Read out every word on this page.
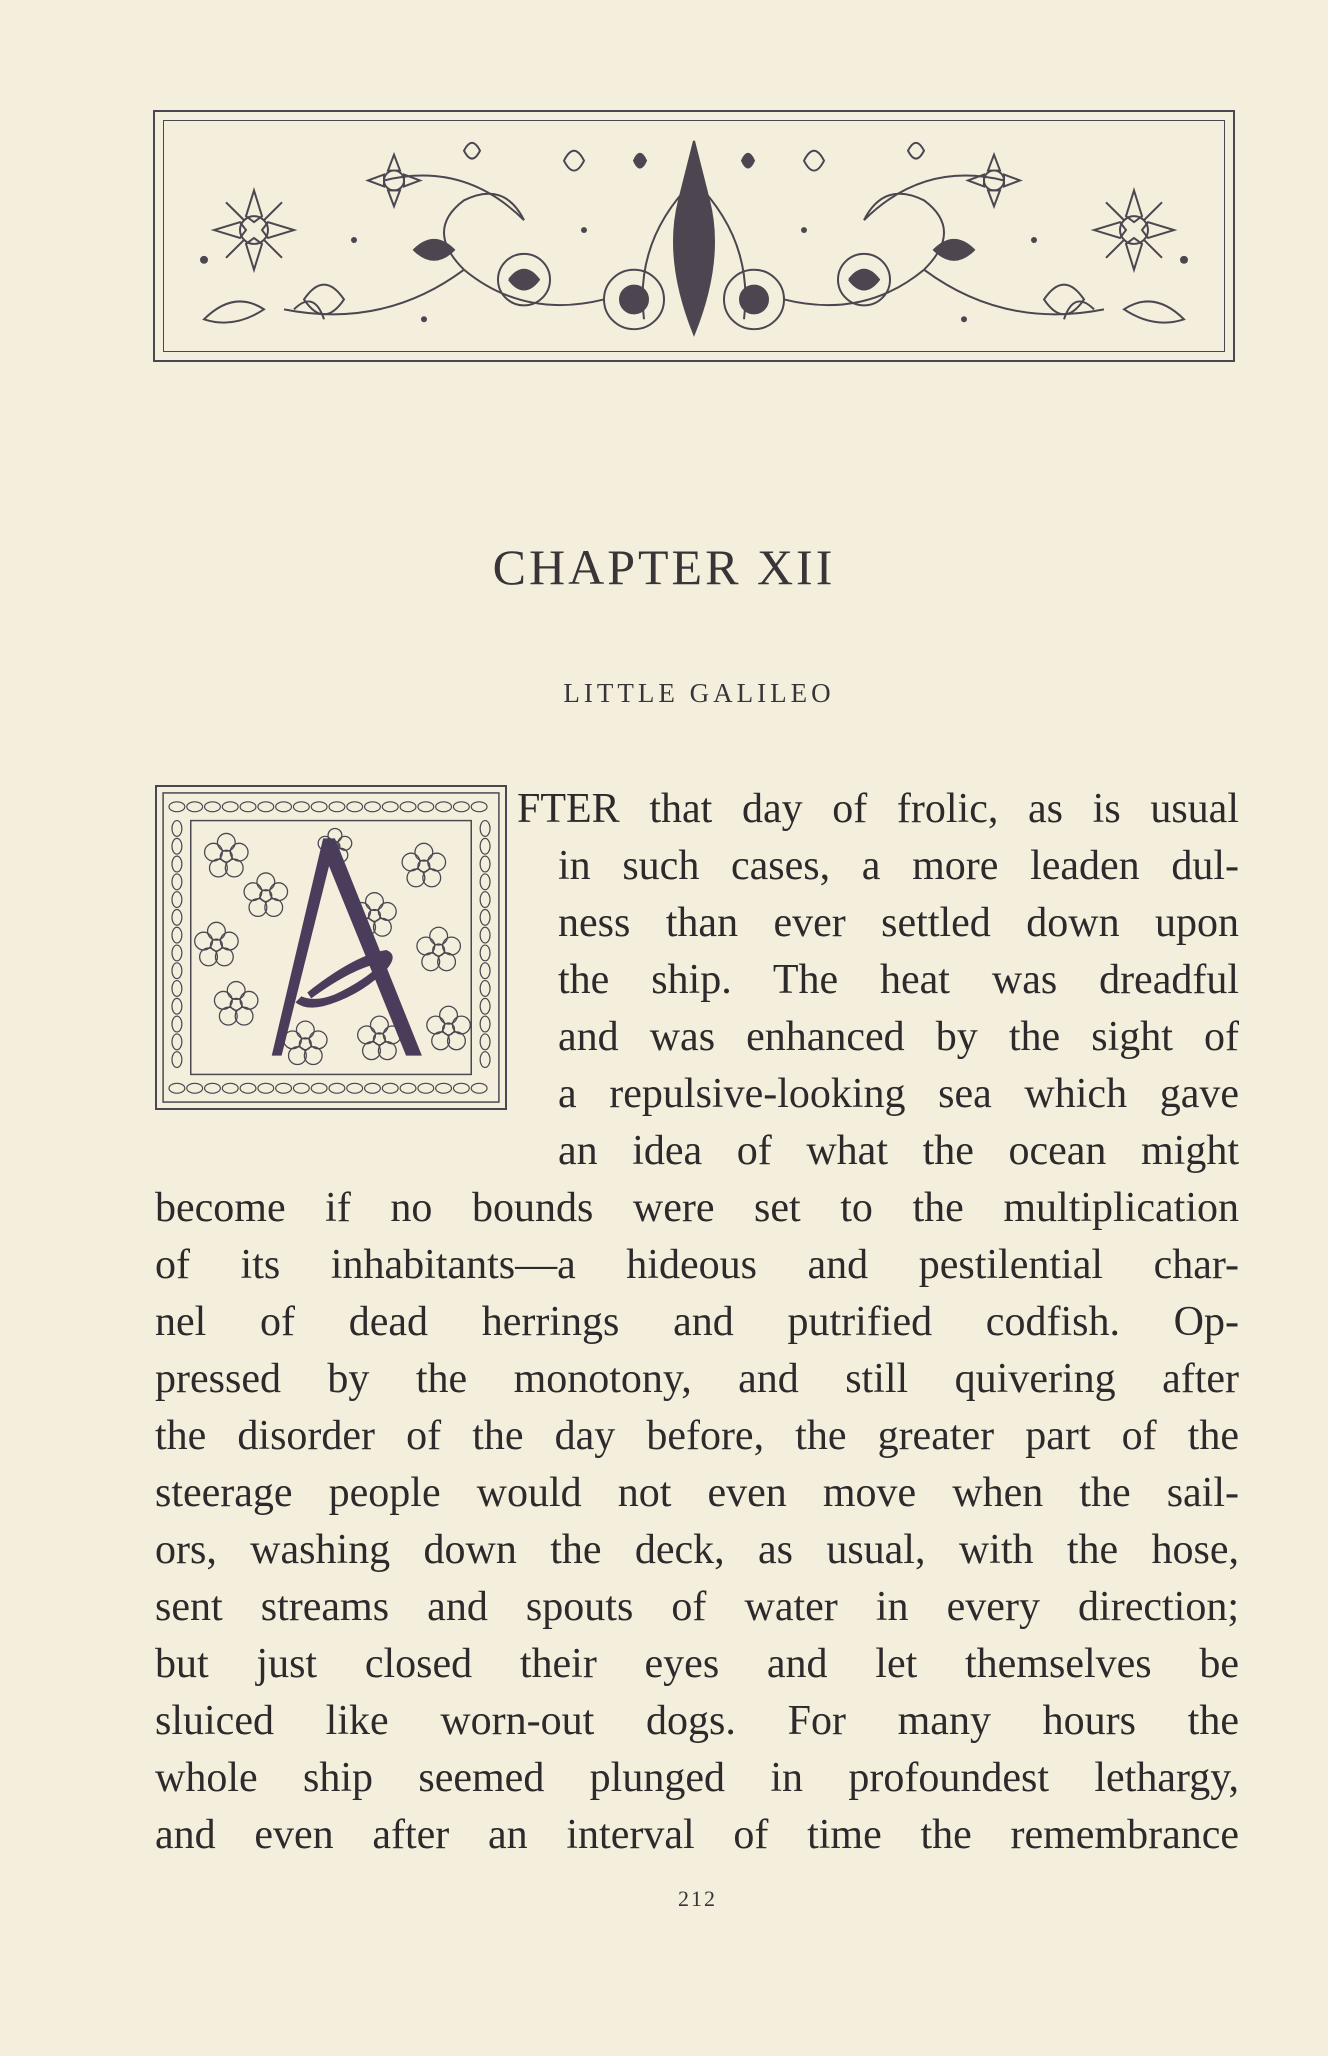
CHAPTER XII
LITTLE GALILEO
FTER that day of frolic, as is usual
in such cases, a more leaden dul-
ness than ever settled down upon
the ship. The heat was dreadful
and was enhanced by the sight of
a repulsive-looking sea which gave
an idea of what the ocean might
become if no bounds were set to the multiplication
of its inhabitants—a hideous and pestilential char-
nel of dead herrings and putrified codfish. Op-
pressed by the monotony, and still quivering after
the disorder of the day before, the greater part of the
steerage people would not even move when the sail-
ors, washing down the deck, as usual, with the hose,
sent streams and spouts of water in every direction;
but just closed their eyes and let themselves be
sluiced like worn-out dogs. For many hours the
whole ship seemed plunged in profoundest lethargy,
and even after an interval of time the remembrance
212
